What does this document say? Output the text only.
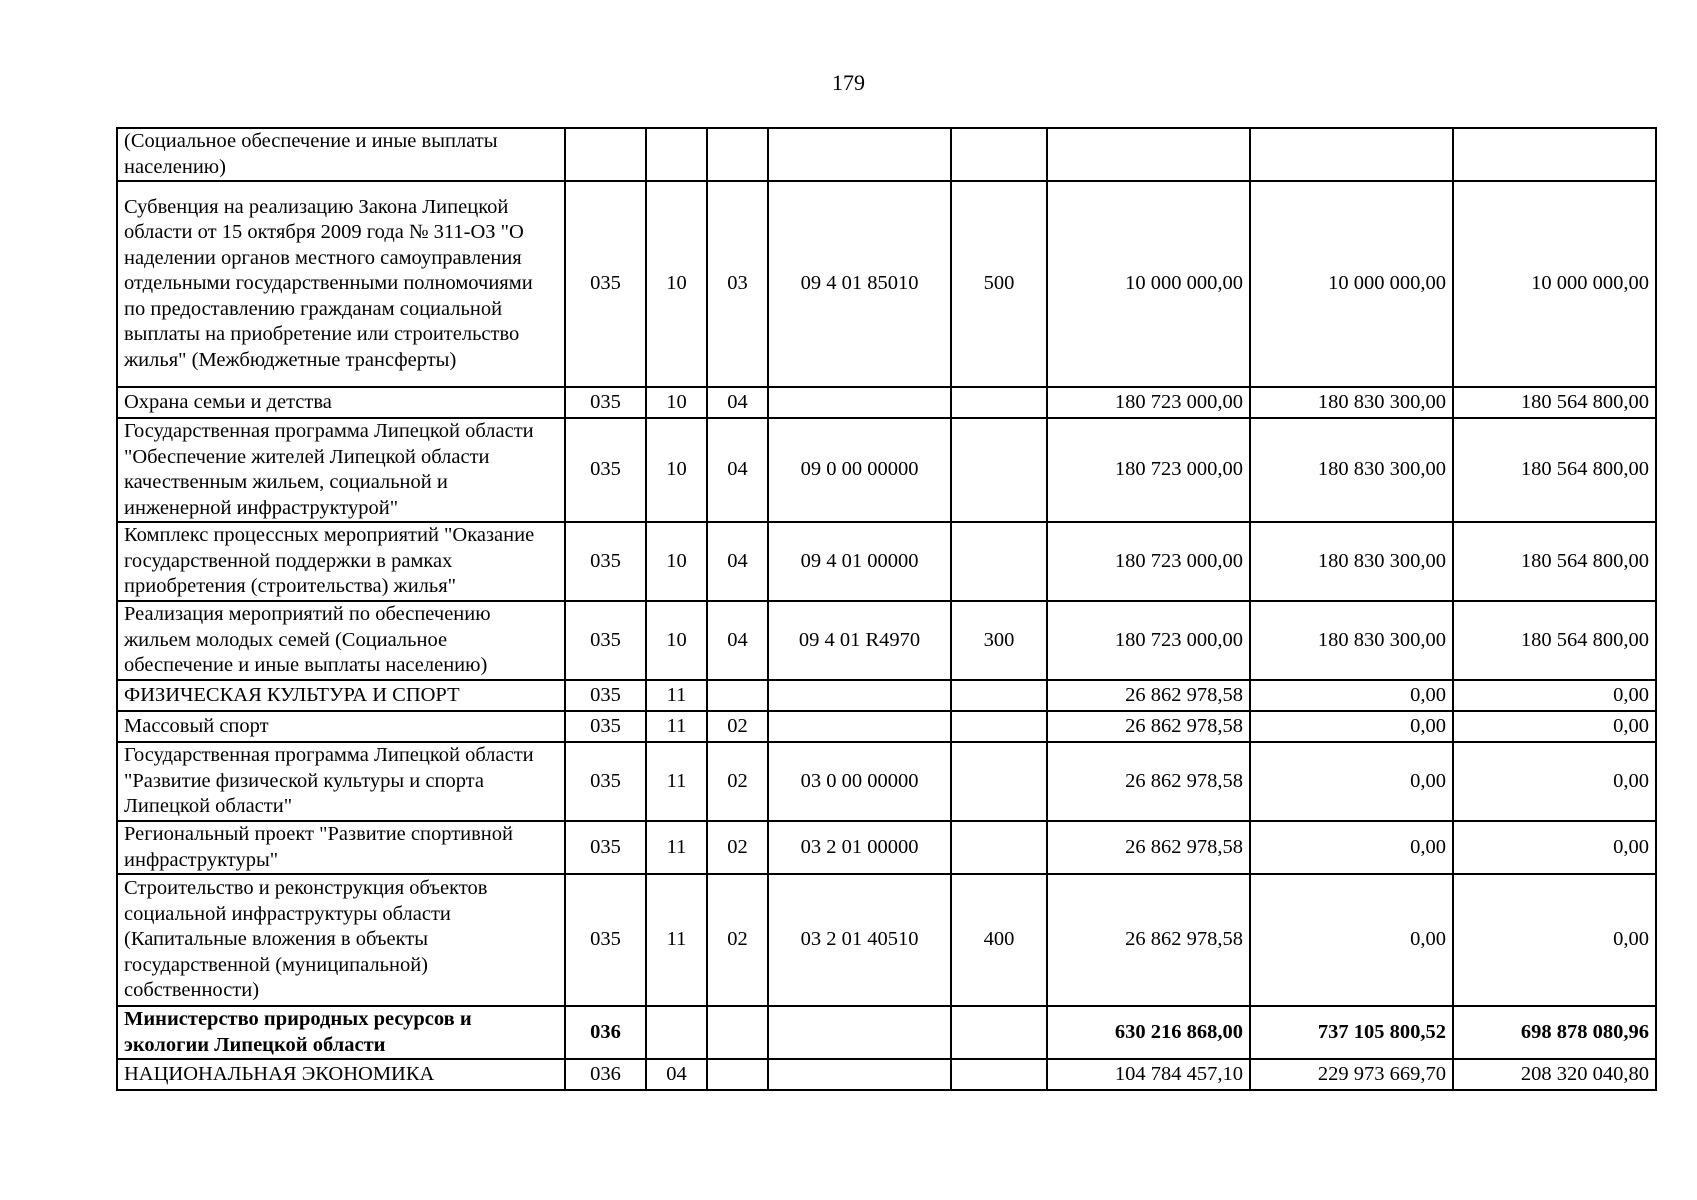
179
(Социальное обеспечение и иные выплаты населению)								
Субвенция на реализацию Закона Липецкой области от 15 октября 2009 года № 311-ОЗ "О наделении органов местного самоуправления отдельными государственными полномочиями по предоставлению гражданам социальной выплаты на приобретение или строительство жилья" (Межбюджетные трансферты)	035	10	03	09 4 01 85010	500	10 000 000,00	10 000 000,00	10 000 000,00
Охрана семьи и детства	035	10	04			180 723 000,00	180 830 300,00	180 564 800,00
Государственная программа Липецкой области "Обеспечение жителей Липецкой области качественным жильем, социальной и инженерной инфраструктурой"	035	10	04	09 0 00 00000		180 723 000,00	180 830 300,00	180 564 800,00
Комплекс процессных мероприятий "Оказание государственной поддержки в рамках приобретения (строительства) жилья"	035	10	04	09 4 01 00000		180 723 000,00	180 830 300,00	180 564 800,00
Реализация мероприятий по обеспечению жильем молодых семей (Социальное обеспечение и иные выплаты населению)	035	10	04	09 4 01 R4970	300	180 723 000,00	180 830 300,00	180 564 800,00
ФИЗИЧЕСКАЯ КУЛЬТУРА И СПОРТ	035	11				26 862 978,58	0,00	0,00
Массовый спорт	035	11	02			26 862 978,58	0,00	0,00
Государственная программа Липецкой области "Развитие физической культуры и спорта Липецкой области"	035	11	02	03 0 00 00000		26 862 978,58	0,00	0,00
Региональный проект "Развитие спортивной инфраструктуры"	035	11	02	03 2 01 00000		26 862 978,58	0,00	0,00
Строительство и реконструкция объектов социальной инфраструктуры области (Капитальные вложения в объекты государственной (муниципальной) собственности)	035	11	02	03 2 01 40510	400	26 862 978,58	0,00	0,00
Министерство природных ресурсов и экологии Липецкой области	036					630 216 868,00	737 105 800,52	698 878 080,96
НАЦИОНАЛЬНАЯ ЭКОНОМИКА	036	04				104 784 457,10	229 973 669,70	208 320 040,80
